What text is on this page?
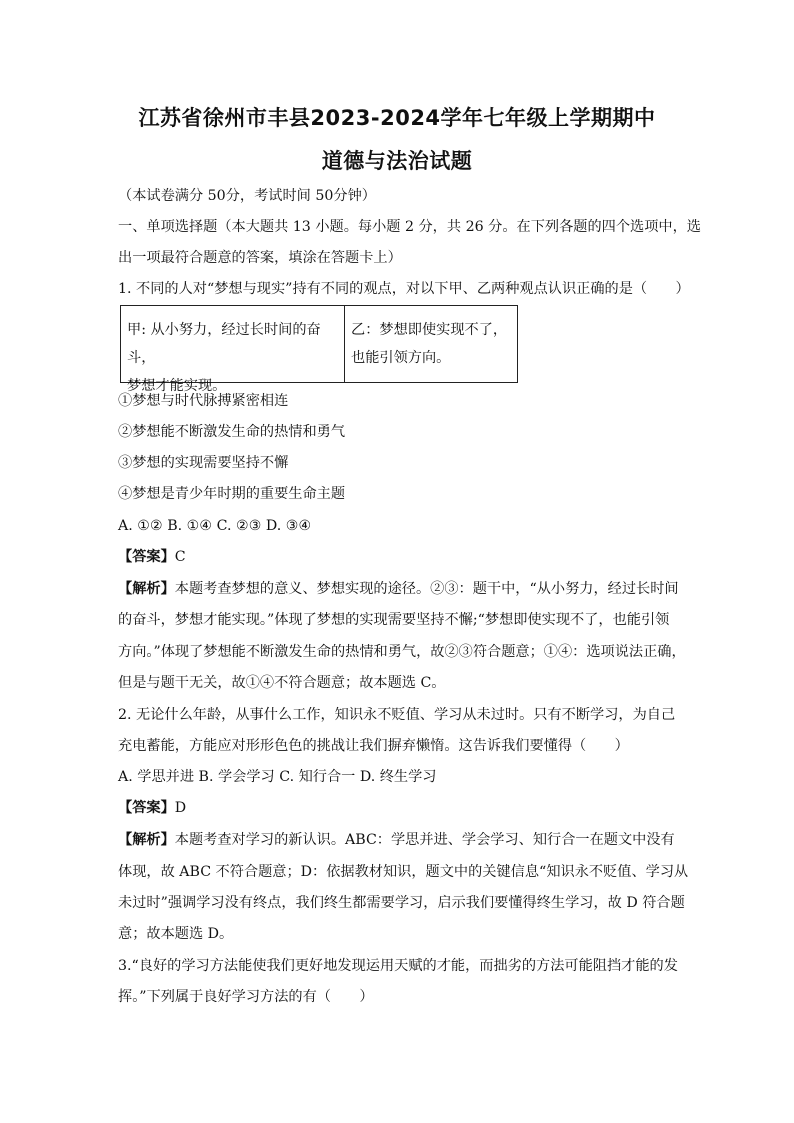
江苏省徐州市丰县2023-2024学年七年级上学期期中
道德与法治试题
（本试卷满分 50分，考试时间 50分钟）
一、单项选择题（本大题共 13 小题。每小题 2 分，共 26 分。在下列各题的四个选项中，选
出一项最符合题意的答案，填涂在答题卡上）
1. 不同的人对“梦想与现实”持有不同的观点，对以下甲、乙两种观点认识正确的是（　　）
甲: 从小努力，经过长时间的奋斗，
梦想才能实现。
乙：梦想即使实现不了，
也能引领方向。
①梦想与时代脉搏紧密相连
②梦想能不断激发生命的热情和勇气
③梦想的实现需要坚持不懈
④梦想是青少年时期的重要生命主题
A. ①② B. ①④ C. ②③ D. ③④
【答案】C
【解析】本题考查梦想的意义、梦想实现的途径。②③：题干中，“从小努力，经过长时间
的奋斗，梦想才能实现。”体现了梦想的实现需要坚持不懈;“梦想即使实现不了，也能引领
方向。”体现了梦想能不断激发生命的热情和勇气，故②③符合题意；①④：选项说法正确，
但是与题干无关，故①④不符合题意；故本题选 C。
2. 无论什么年龄，从事什么工作，知识永不贬值、学习从未过时。只有不断学习，为自己
充电蓄能，方能应对形形色色的挑战让我们摒弃懒惰。这告诉我们要懂得（　　）
A. 学思并进 B. 学会学习 C. 知行合一 D. 终生学习
【答案】D
【解析】本题考查对学习的新认识。ABC：学思并进、学会学习、知行合一在题文中没有
体现，故 ABC 不符合题意；D：依据教材知识，题文中的关键信息“知识永不贬值、学习从
未过时”强调学习没有终点，我们终生都需要学习，启示我们要懂得终生学习，故 D 符合题
意；故本题选 D。
3.“良好的学习方法能使我们更好地发现运用天赋的才能，而拙劣的方法可能阻挡才能的发
挥。”下列属于良好学习方法的有（　　）
